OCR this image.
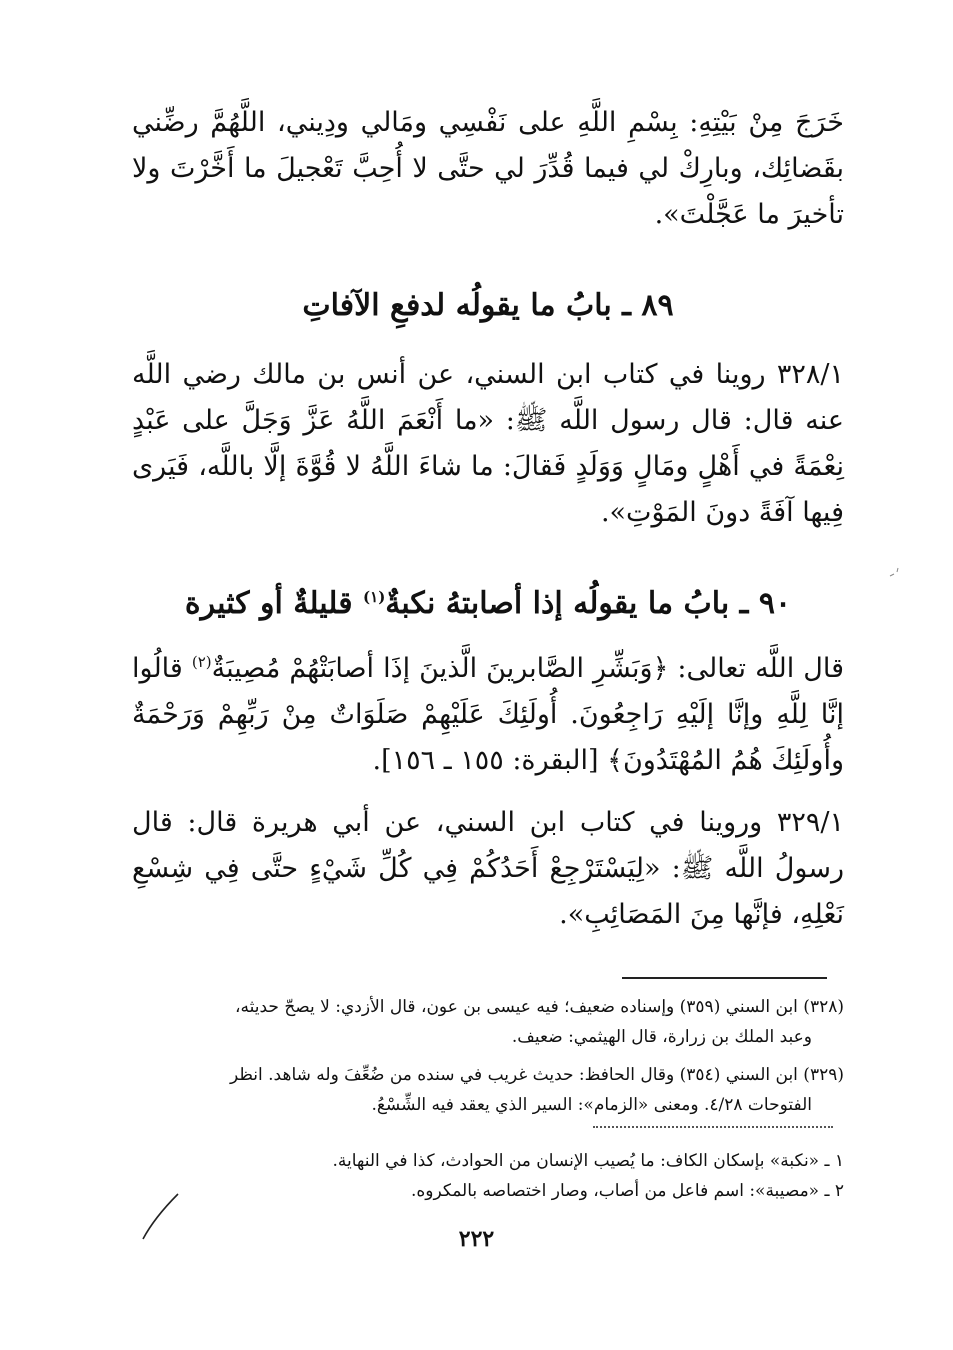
خَرَجَ مِنْ بَيْتِهِ: بِسْمِ اللَّهِ على نَفْسِي ومَالي ودِيني، اللَّهُمَّ رضِّني بقَضائِك، وبارِكْ لي فيما قُدِّرَ لي حتَّى لا أُحِبَّ تَعْجيلَ ما أَخَّرْتَ ولا تأخيرَ ما عَجَّلْتَ».

٨٩ ـ بابُ ما يقولُه لدفعِ الآفاتِ

٣٢٨/١ روينا في كتاب ابن السني، عن أنس بن مالك رضي اللَّه عنه قال: قال رسول اللَّه ﷺ: «ما أَنْعَمَ اللَّهُ عَزَّ وَجَلَّ على عَبْدٍ نِعْمَةً في أَهْلٍ ومَالٍ وَوَلَدٍ فَقالَ: ما شاءَ اللَّهُ لا قُوَّةَ إلَّا باللَّه، فَيَرى فِيها آفَةً دونَ المَوْتِ».

٩٠ ـ بابُ ما يقولُه إذا أصابتهُ نكبةٌ$^{(١)}$ قليلةٌ أو كثيرة

قال اللَّه تعالى: ﴿وَبَشِّرِ الصَّابرينَ الَّذينَ إذَا أصابَتْهُمْ مُصِيبَةٌ$^{(٢)}$ قالُوا إنَّا لِلَّهِ وإنَّا إلَيْهِ رَاجِعُونَ. أُولَئِكَ عَلَيْهِمْ صَلَوَاتٌ مِنْ رَبِّهِمْ وَرَحْمَةٌ وأُولَئِكَ هُمُ المُهْتَدُونَ﴾ [البقرة: ١٥٥ ـ ١٥٦].

٣٢٩/١ وروينا في كتاب ابن السني، عن أبي هريرة قال: قال رسولُ اللَّه ﷺ: «لِيَسْتَرْجِعْ أَحَدُكُمْ فِي كُلِّ شَيْءٍ حتَّى فِي شِسْعِ نَعْلِهِ، فإنَّها مِنَ المَصَائِبِ».

(٣٢٨) ابن السني (٣٥٩) وإسناده ضعيف؛ فيه عيسى بن عون، قال الأزدي: لا يصحّ حديثه،
وعبد الملك بن زرارة، قال الهيثمي: ضعيف.

(٣٢٩) ابن السني (٣٥٤) وقال الحافظ: حديث غريب في سنده من ضُعِّفَ وله شاهد. انظر
الفتوحات ٤/٢٨. ومعنى «الزمام»: السير الذي يعقد فيه الشِّسْعُ.

١ ـ «نكبة» بإسكان الكاف: ما يُصيب الإنسان من الحوادث، كذا في النهاية.

٢ ـ «مصيبة»: اسم فاعل من أصاب، وصار اختصاصه بالمكروه.

٢٢٢
